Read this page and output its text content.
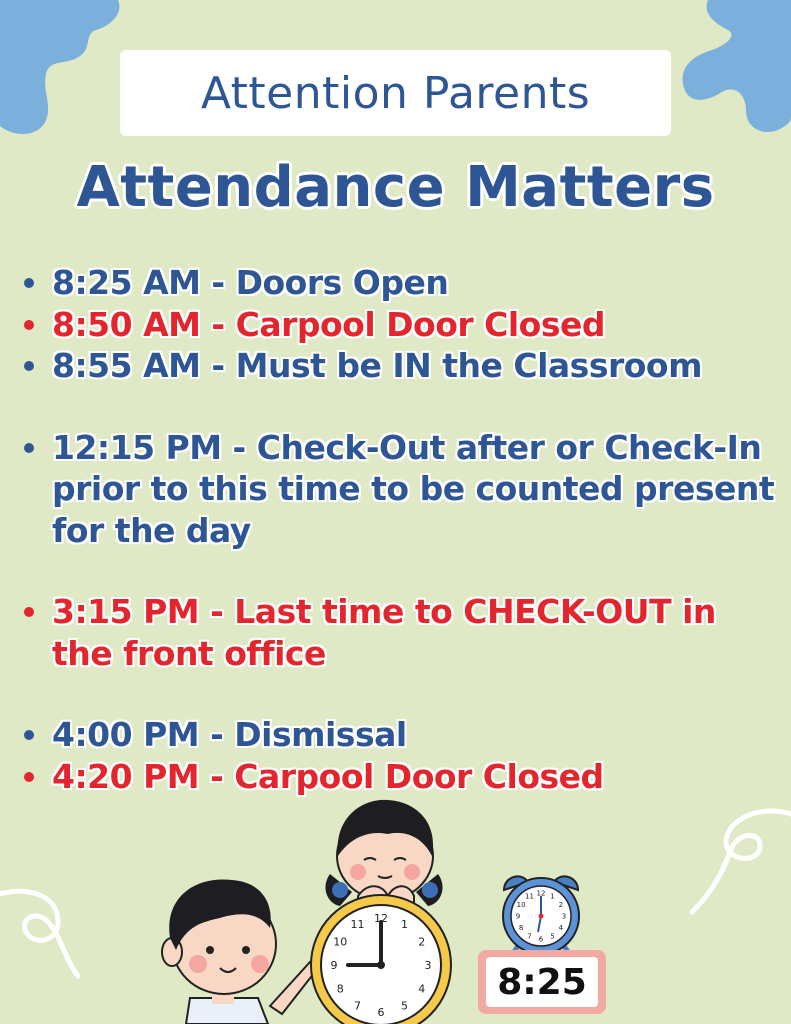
Attention Parents
Attendance Matters
8:25 AM - Doors Open
8:50 AM - Carpool Door Closed
8:55 AM - Must be IN the Classroom
12:15 PM - Check-Out after or Check-In prior to this time to be counted present for the day
3:15 PM - Last time to CHECK-OUT in the front office
4:00 PM - Dismissal
4:20 PM - Carpool Door Closed
12 1
2
3
4
5
6
7
8
9
10
11
12 1
2
3
4
5
6
7
8
9
10
11
8:25
